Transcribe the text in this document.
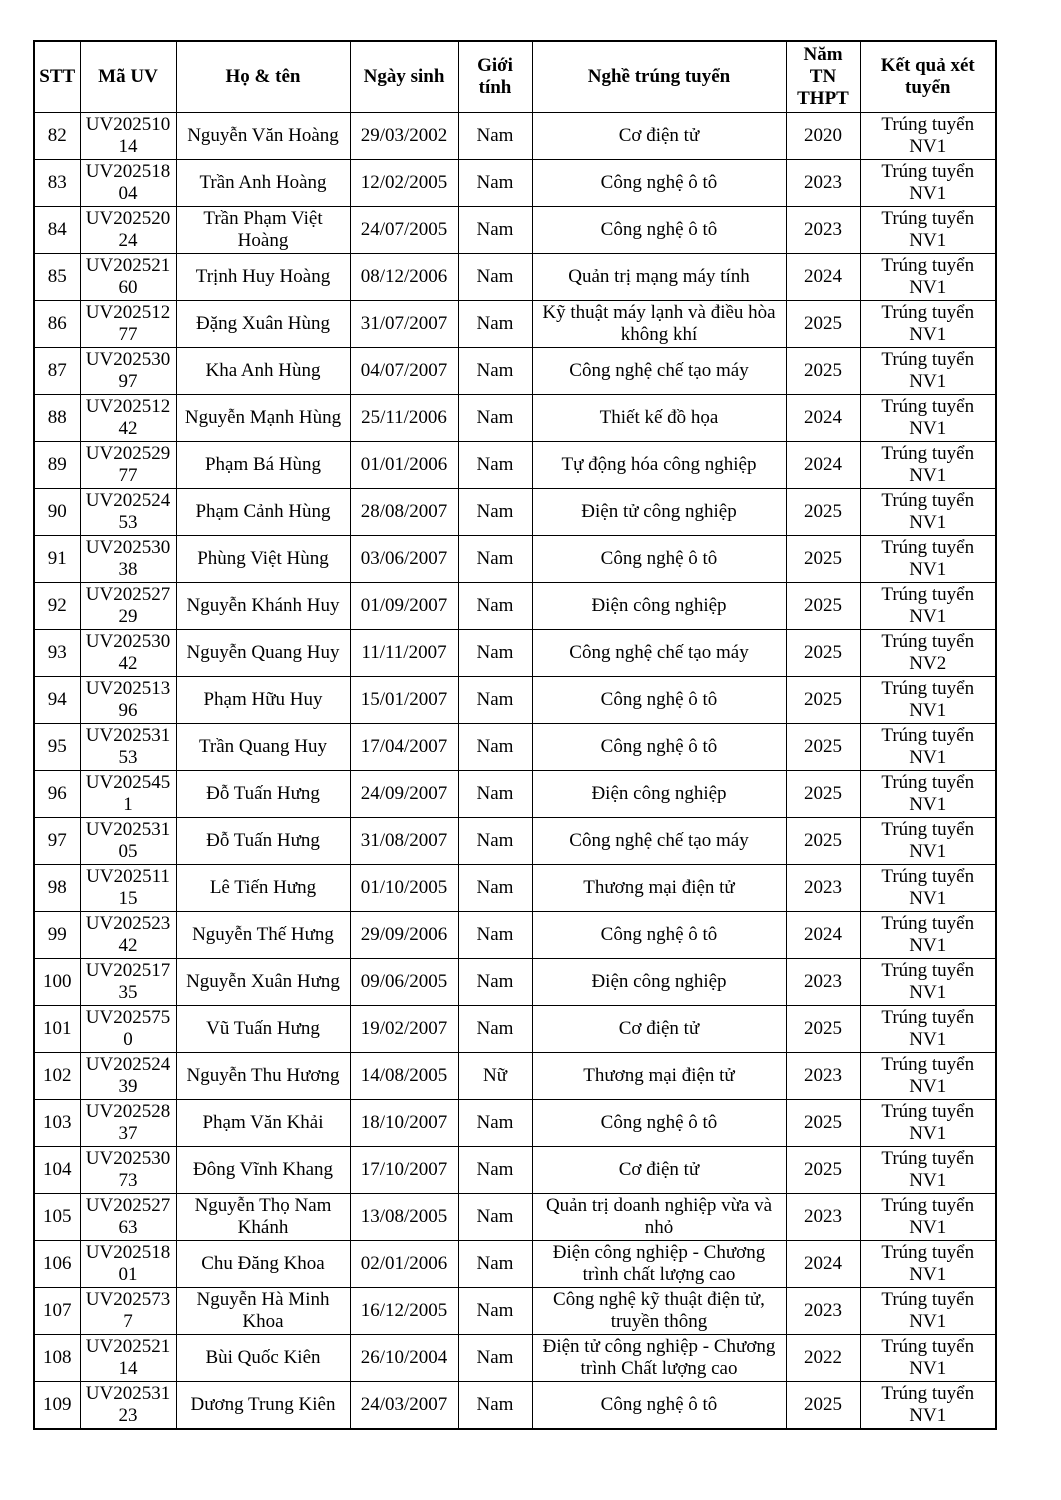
STT	Mã UV	Họ & tên	Ngày sinh	Giới tính	Nghề trúng tuyển	Năm TN THPT	Kết quả xét tuyển
82	UV20251014	Nguyễn Văn Hoàng	29/03/2002	Nam	Cơ điện tử	2020	Trúng tuyển NV1
83	UV20251804	Trần Anh Hoàng	12/02/2005	Nam	Công nghệ ô tô	2023	Trúng tuyển NV1
84	UV20252024	Trần Phạm Việt Hoàng	24/07/2005	Nam	Công nghệ ô tô	2023	Trúng tuyển NV1
85	UV20252160	Trịnh Huy Hoàng	08/12/2006	Nam	Quản trị mạng máy tính	2024	Trúng tuyển NV1
86	UV20251277	Đặng Xuân Hùng	31/07/2007	Nam	Kỹ thuật máy lạnh và điều hòa không khí	2025	Trúng tuyển NV1
87	UV20253097	Kha Anh Hùng	04/07/2007	Nam	Công nghệ chế tạo máy	2025	Trúng tuyển NV1
88	UV20251242	Nguyễn Mạnh Hùng	25/11/2006	Nam	Thiết kế đồ họa	2024	Trúng tuyển NV1
89	UV20252977	Phạm Bá Hùng	01/01/2006	Nam	Tự động hóa công nghiệp	2024	Trúng tuyển NV1
90	UV20252453	Phạm Cảnh Hùng	28/08/2007	Nam	Điện tử công nghiệp	2025	Trúng tuyển NV1
91	UV20253038	Phùng Việt Hùng	03/06/2007	Nam	Công nghệ ô tô	2025	Trúng tuyển NV1
92	UV20252729	Nguyễn Khánh Huy	01/09/2007	Nam	Điện công nghiệp	2025	Trúng tuyển NV1
93	UV20253042	Nguyễn Quang Huy	11/11/2007	Nam	Công nghệ chế tạo máy	2025	Trúng tuyển NV2
94	UV20251396	Phạm Hữu Huy	15/01/2007	Nam	Công nghệ ô tô	2025	Trúng tuyển NV1
95	UV20253153	Trần Quang Huy	17/04/2007	Nam	Công nghệ ô tô	2025	Trúng tuyển NV1
96	UV2025451	Đỗ Tuấn Hưng	24/09/2007	Nam	Điện công nghiệp	2025	Trúng tuyển NV1
97	UV20253105	Đỗ Tuấn Hưng	31/08/2007	Nam	Công nghệ chế tạo máy	2025	Trúng tuyển NV1
98	UV20251115	Lê Tiến Hưng	01/10/2005	Nam	Thương mại điện tử	2023	Trúng tuyển NV1
99	UV20252342	Nguyễn Thế Hưng	29/09/2006	Nam	Công nghệ ô tô	2024	Trúng tuyển NV1
100	UV20251735	Nguyễn Xuân Hưng	09/06/2005	Nam	Điện công nghiệp	2023	Trúng tuyển NV1
101	UV2025750	Vũ Tuấn Hưng	19/02/2007	Nam	Cơ điện tử	2025	Trúng tuyển NV1
102	UV20252439	Nguyễn Thu Hương	14/08/2005	Nữ	Thương mại điện tử	2023	Trúng tuyển NV1
103	UV20252837	Phạm Văn Khải	18/10/2007	Nam	Công nghệ ô tô	2025	Trúng tuyển NV1
104	UV20253073	Đông Vĩnh Khang	17/10/2007	Nam	Cơ điện tử	2025	Trúng tuyển NV1
105	UV20252763	Nguyễn Thọ Nam Khánh	13/08/2005	Nam	Quản trị doanh nghiệp vừa và nhỏ	2023	Trúng tuyển NV1
106	UV20251801	Chu Đăng Khoa	02/01/2006	Nam	Điện công nghiệp - Chương trình chất lượng cao	2024	Trúng tuyển NV1
107	UV2025737	Nguyễn Hà Minh Khoa	16/12/2005	Nam	Công nghệ kỹ thuật điện tử, truyền thông	2023	Trúng tuyển NV1
108	UV20252114	Bùi Quốc Kiên	26/10/2004	Nam	Điện tử công nghiệp - Chương trình Chất lượng cao	2022	Trúng tuyển NV1
109	UV20253123	Dương Trung Kiên	24/03/2007	Nam	Công nghệ ô tô	2025	Trúng tuyển NV1
